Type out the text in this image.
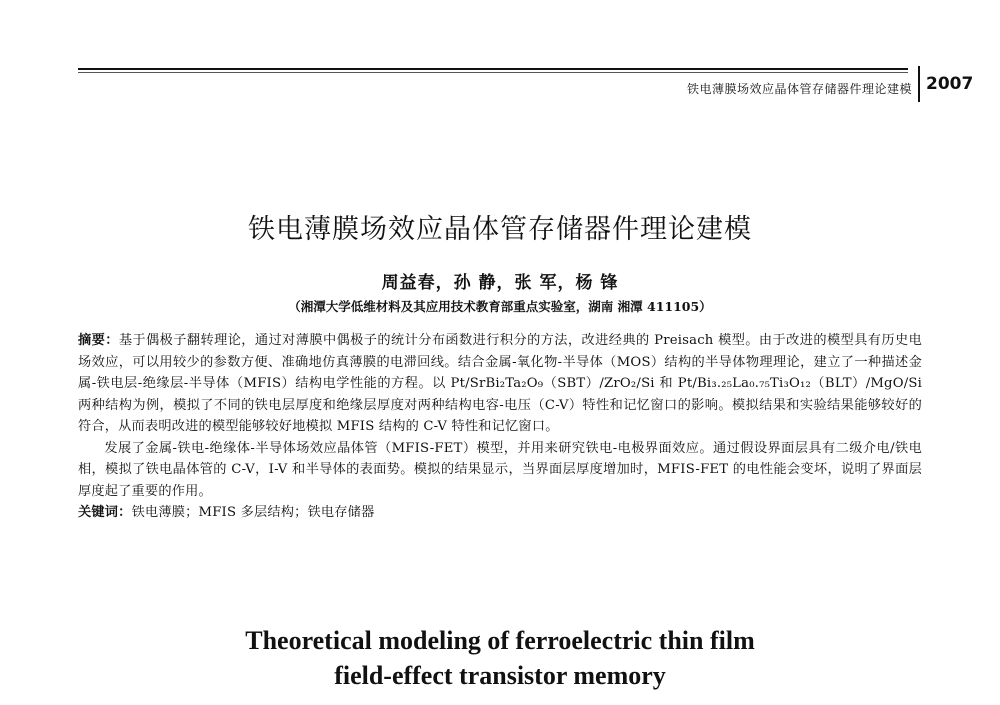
铁电薄膜场效应晶体管存储器件理论建模 2007
铁电薄膜场效应晶体管存储器件理论建模
周益春，孙 静，张 军，杨 锋
（湘潭大学低维材料及其应用技术教育部重点实验室，湖南 湘潭 411105）

摘要：基于偶极子翻转理论，通过对薄膜中偶极子的统计分布函数进行积分的方法，改进经典的 Preisach 模型。由于改进的模型具有历史电场效应，可以用较少的参数方便、准确地仿真薄膜的电滞回线。结合金属-氧化物-半导体（MOS）结构的半导体物理理论，建立了一种描述金属-铁电层-绝缘层-半导体（MFIS）结构电学性能的方程。以 Pt/SrBi₂Ta₂O₉（SBT）/ZrO₂/Si 和 Pt/Bi₃.₂₅La₀.₇₅Ti₃O₁₂（BLT）/MgO/Si 两种结构为例，模拟了不同的铁电层厚度和绝缘层厚度对两种结构电容-电压（C-V）特性和记忆窗口的影响。模拟结果和实验结果能够较好的符合，从而表明改进的模型能够较好地模拟 MFIS 结构的 C-V 特性和记忆窗口。

发展了金属-铁电-绝缘体-半导体场效应晶体管（MFIS-FET）模型，并用来研究铁电-电极界面效应。通过假设界面层具有二级介电/铁电相，模拟了铁电晶体管的 C-V，I-V 和半导体的表面势。模拟的结果显示，当界面层厚度增加时，MFIS-FET 的电性能会变坏，说明了界面层厚度起了重要的作用。

关键词：铁电薄膜；MFIS 多层结构；铁电存储器

Theoretical modeling of ferroelectric thin film
field-effect transistor memory
